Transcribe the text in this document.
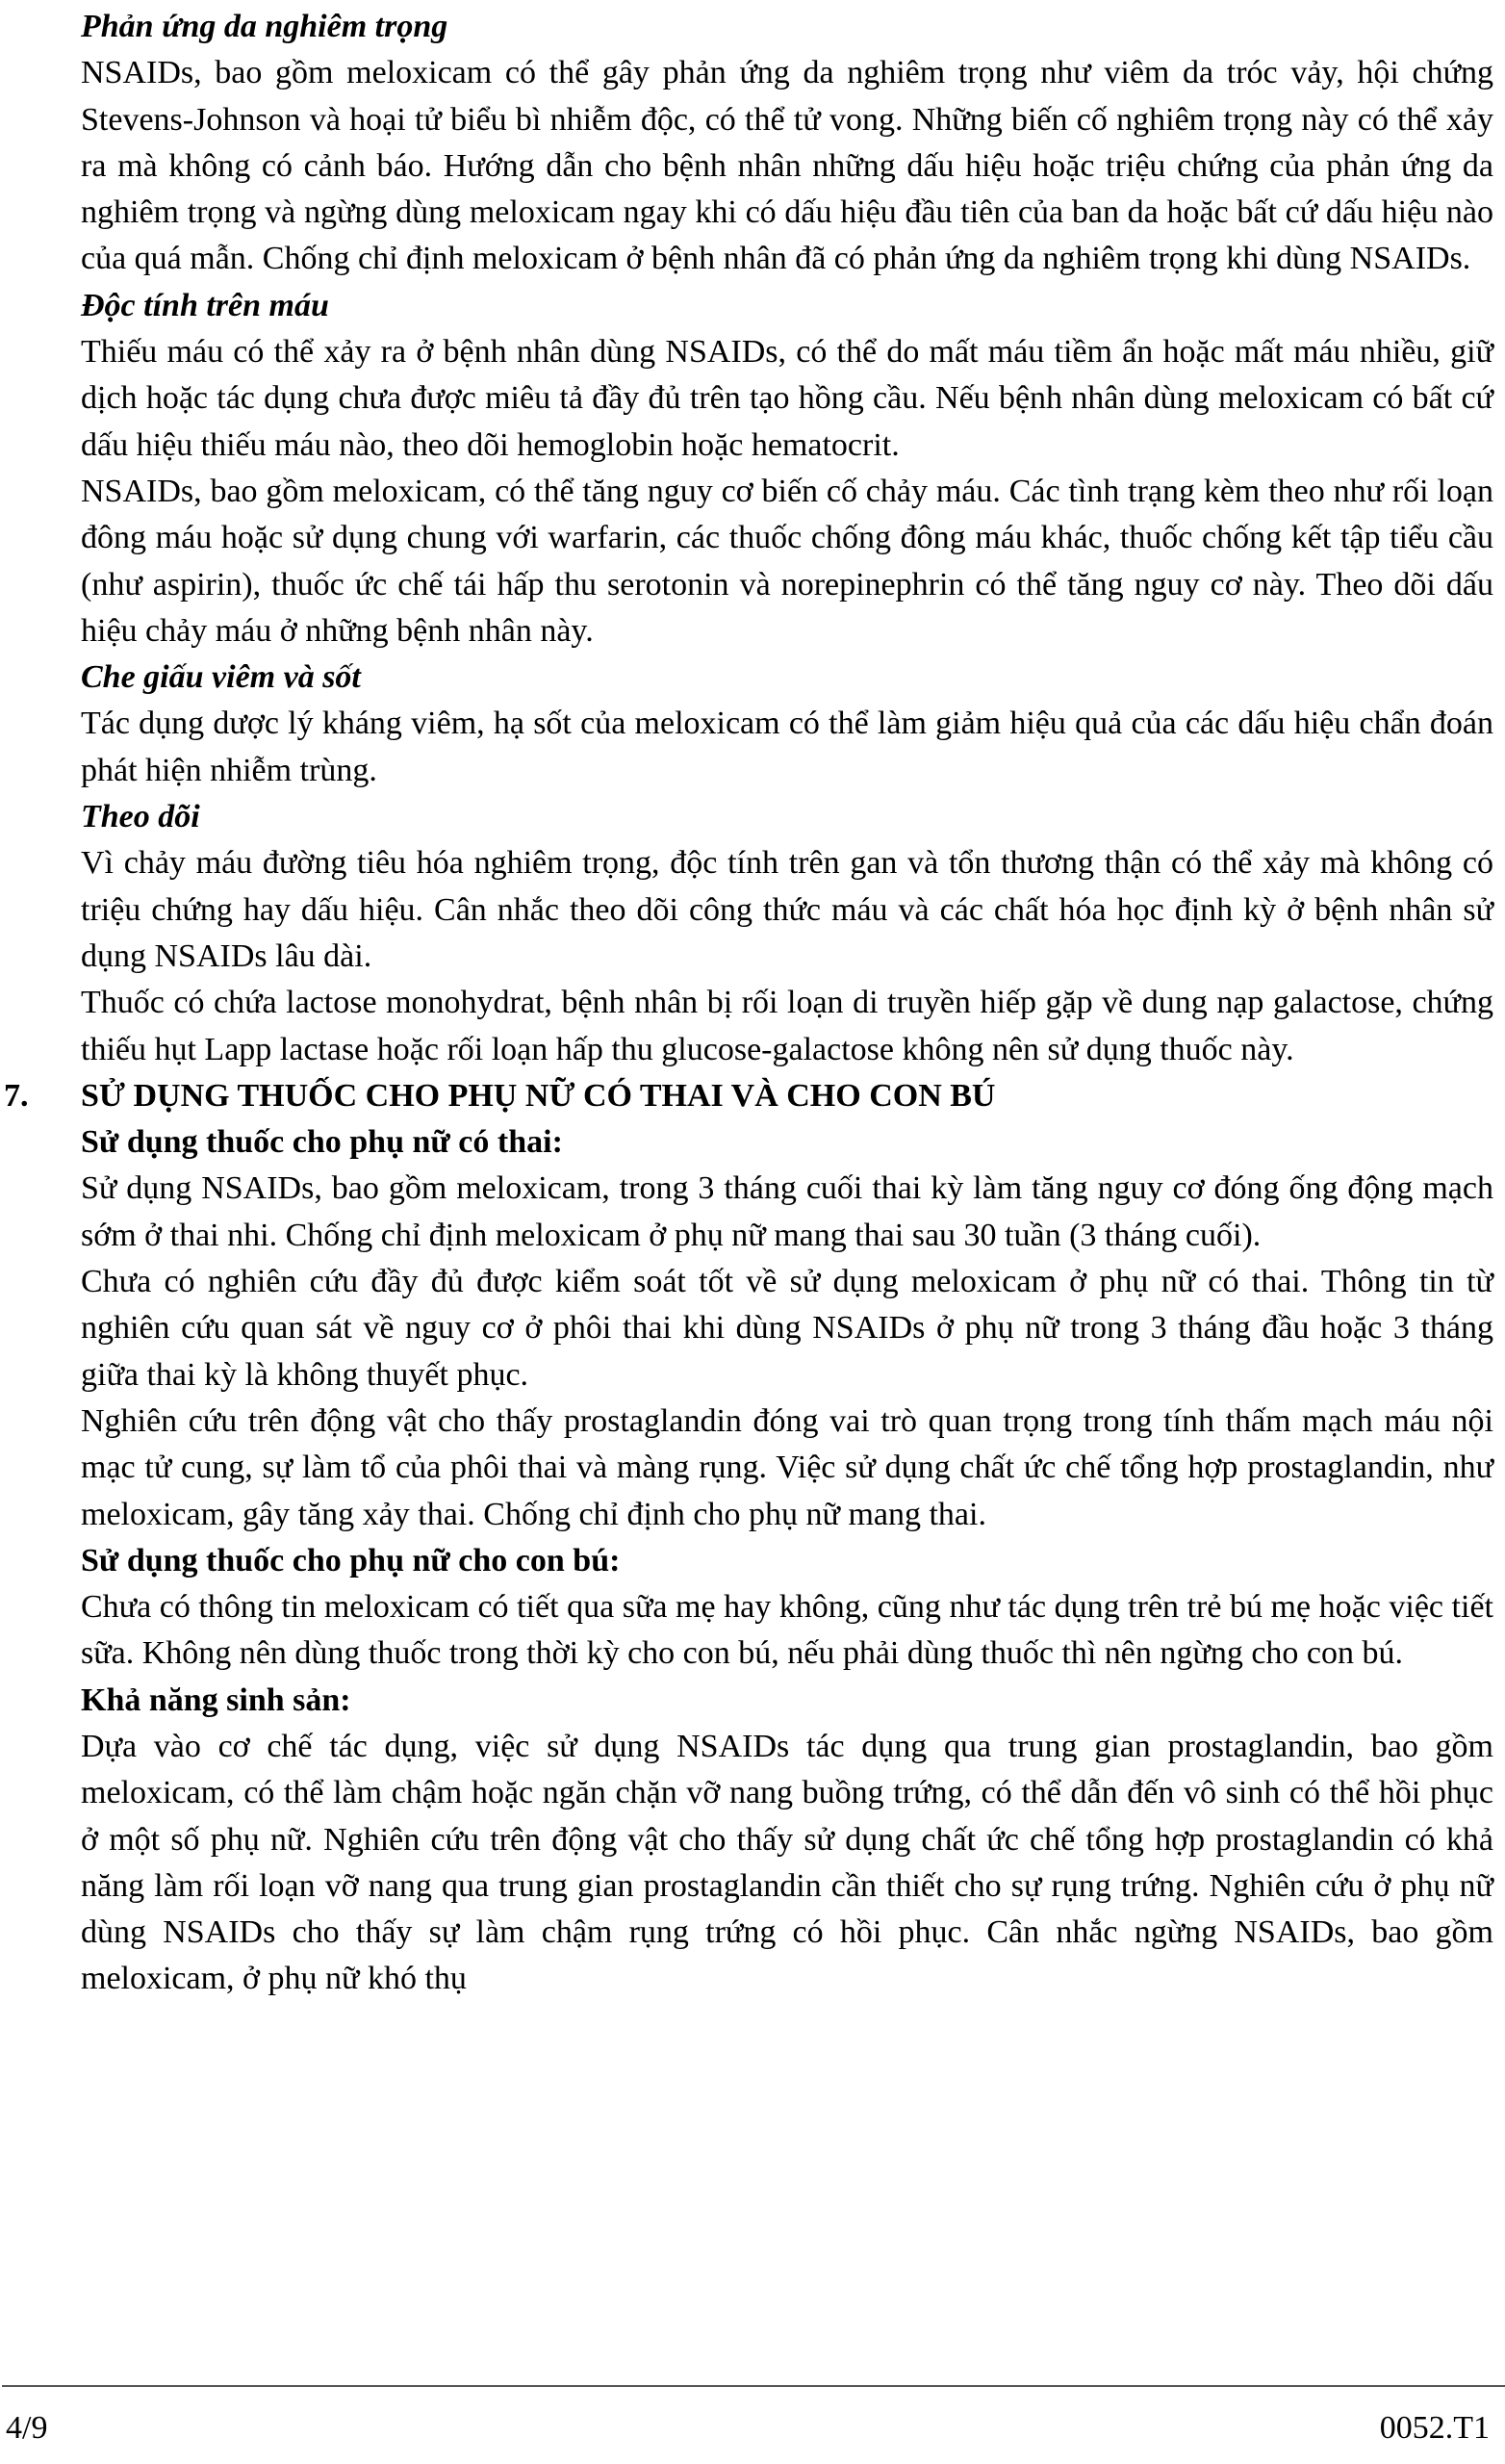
Phản ứng da nghiêm trọng

NSAIDs, bao gồm meloxicam có thể gây phản ứng da nghiêm trọng như viêm da tróc vảy, hội chứng Stevens-Johnson và hoại tử biểu bì nhiễm độc, có thể tử vong. Những biến cố nghiêm trọng này có thể xảy ra mà không có cảnh báo. Hướng dẫn cho bệnh nhân những dấu hiệu hoặc triệu chứng của phản ứng da nghiêm trọng và ngừng dùng meloxicam ngay khi có dấu hiệu đầu tiên của ban da hoặc bất cứ dấu hiệu nào của quá mẫn. Chống chỉ định meloxicam ở bệnh nhân đã có phản ứng da nghiêm trọng khi dùng NSAIDs.

Độc tính trên máu

Thiếu máu có thể xảy ra ở bệnh nhân dùng NSAIDs, có thể do mất máu tiềm ẩn hoặc mất máu nhiều, giữ dịch hoặc tác dụng chưa được miêu tả đầy đủ trên tạo hồng cầu. Nếu bệnh nhân dùng meloxicam có bất cứ dấu hiệu thiếu máu nào, theo dõi hemoglobin hoặc hematocrit.

NSAIDs, bao gồm meloxicam, có thể tăng nguy cơ biến cố chảy máu. Các tình trạng kèm theo như rối loạn đông máu hoặc sử dụng chung với warfarin, các thuốc chống đông máu khác, thuốc chống kết tập tiểu cầu (như aspirin), thuốc ức chế tái hấp thu serotonin và norepinephrin có thể tăng nguy cơ này. Theo dõi dấu hiệu chảy máu ở những bệnh nhân này.

Che giấu viêm và sốt

Tác dụng dược lý kháng viêm, hạ sốt của meloxicam có thể làm giảm hiệu quả của các dấu hiệu chẩn đoán phát hiện nhiễm trùng.

Theo dõi

Vì chảy máu đường tiêu hóa nghiêm trọng, độc tính trên gan và tổn thương thận có thể xảy mà không có triệu chứng hay dấu hiệu. Cân nhắc theo dõi công thức máu và các chất hóa học định kỳ ở bệnh nhân sử dụng NSAIDs lâu dài.

Thuốc có chứa lactose monohydrat, bệnh nhân bị rối loạn di truyền hiếp gặp về dung nạp galactose, chứng thiếu hụt Lapp lactase hoặc rối loạn hấp thu glucose-galactose không nên sử dụng thuốc này.

7. SỬ DỤNG THUỐC CHO PHỤ NỮ CÓ THAI VÀ CHO CON BÚ

Sử dụng thuốc cho phụ nữ có thai:

Sử dụng NSAIDs, bao gồm meloxicam, trong 3 tháng cuối thai kỳ làm tăng nguy cơ đóng ống động mạch sớm ở thai nhi. Chống chỉ định meloxicam ở phụ nữ mang thai sau 30 tuần (3 tháng cuối).

Chưa có nghiên cứu đầy đủ được kiểm soát tốt về sử dụng meloxicam ở phụ nữ có thai. Thông tin từ nghiên cứu quan sát về nguy cơ ở phôi thai khi dùng NSAIDs ở phụ nữ trong 3 tháng đầu hoặc 3 tháng giữa thai kỳ là không thuyết phục.

Nghiên cứu trên động vật cho thấy prostaglandin đóng vai trò quan trọng trong tính thấm mạch máu nội mạc tử cung, sự làm tổ của phôi thai và màng rụng. Việc sử dụng chất ức chế tổng hợp prostaglandin, như meloxicam, gây tăng xảy thai. Chống chỉ định cho phụ nữ mang thai.

Sử dụng thuốc cho phụ nữ cho con bú:

Chưa có thông tin meloxicam có tiết qua sữa mẹ hay không, cũng như tác dụng trên trẻ bú mẹ hoặc việc tiết sữa. Không nên dùng thuốc trong thời kỳ cho con bú, nếu phải dùng thuốc thì nên ngừng cho con bú.

Khả năng sinh sản:

Dựa vào cơ chế tác dụng, việc sử dụng NSAIDs tác dụng qua trung gian prostaglandin, bao gồm meloxicam, có thể làm chậm hoặc ngăn chặn vỡ nang buồng trứng, có thể dẫn đến vô sinh có thể hồi phục ở một số phụ nữ. Nghiên cứu trên động vật cho thấy sử dụng chất ức chế tổng hợp prostaglandin có khả năng làm rối loạn vỡ nang qua trung gian prostaglandin cần thiết cho sự rụng trứng. Nghiên cứu ở phụ nữ dùng NSAIDs cho thấy sự làm chậm rụng trứng có hồi phục. Cân nhắc ngừng NSAIDs, bao gồm meloxicam, ở phụ nữ khó thụ

4/9	0052.T1
